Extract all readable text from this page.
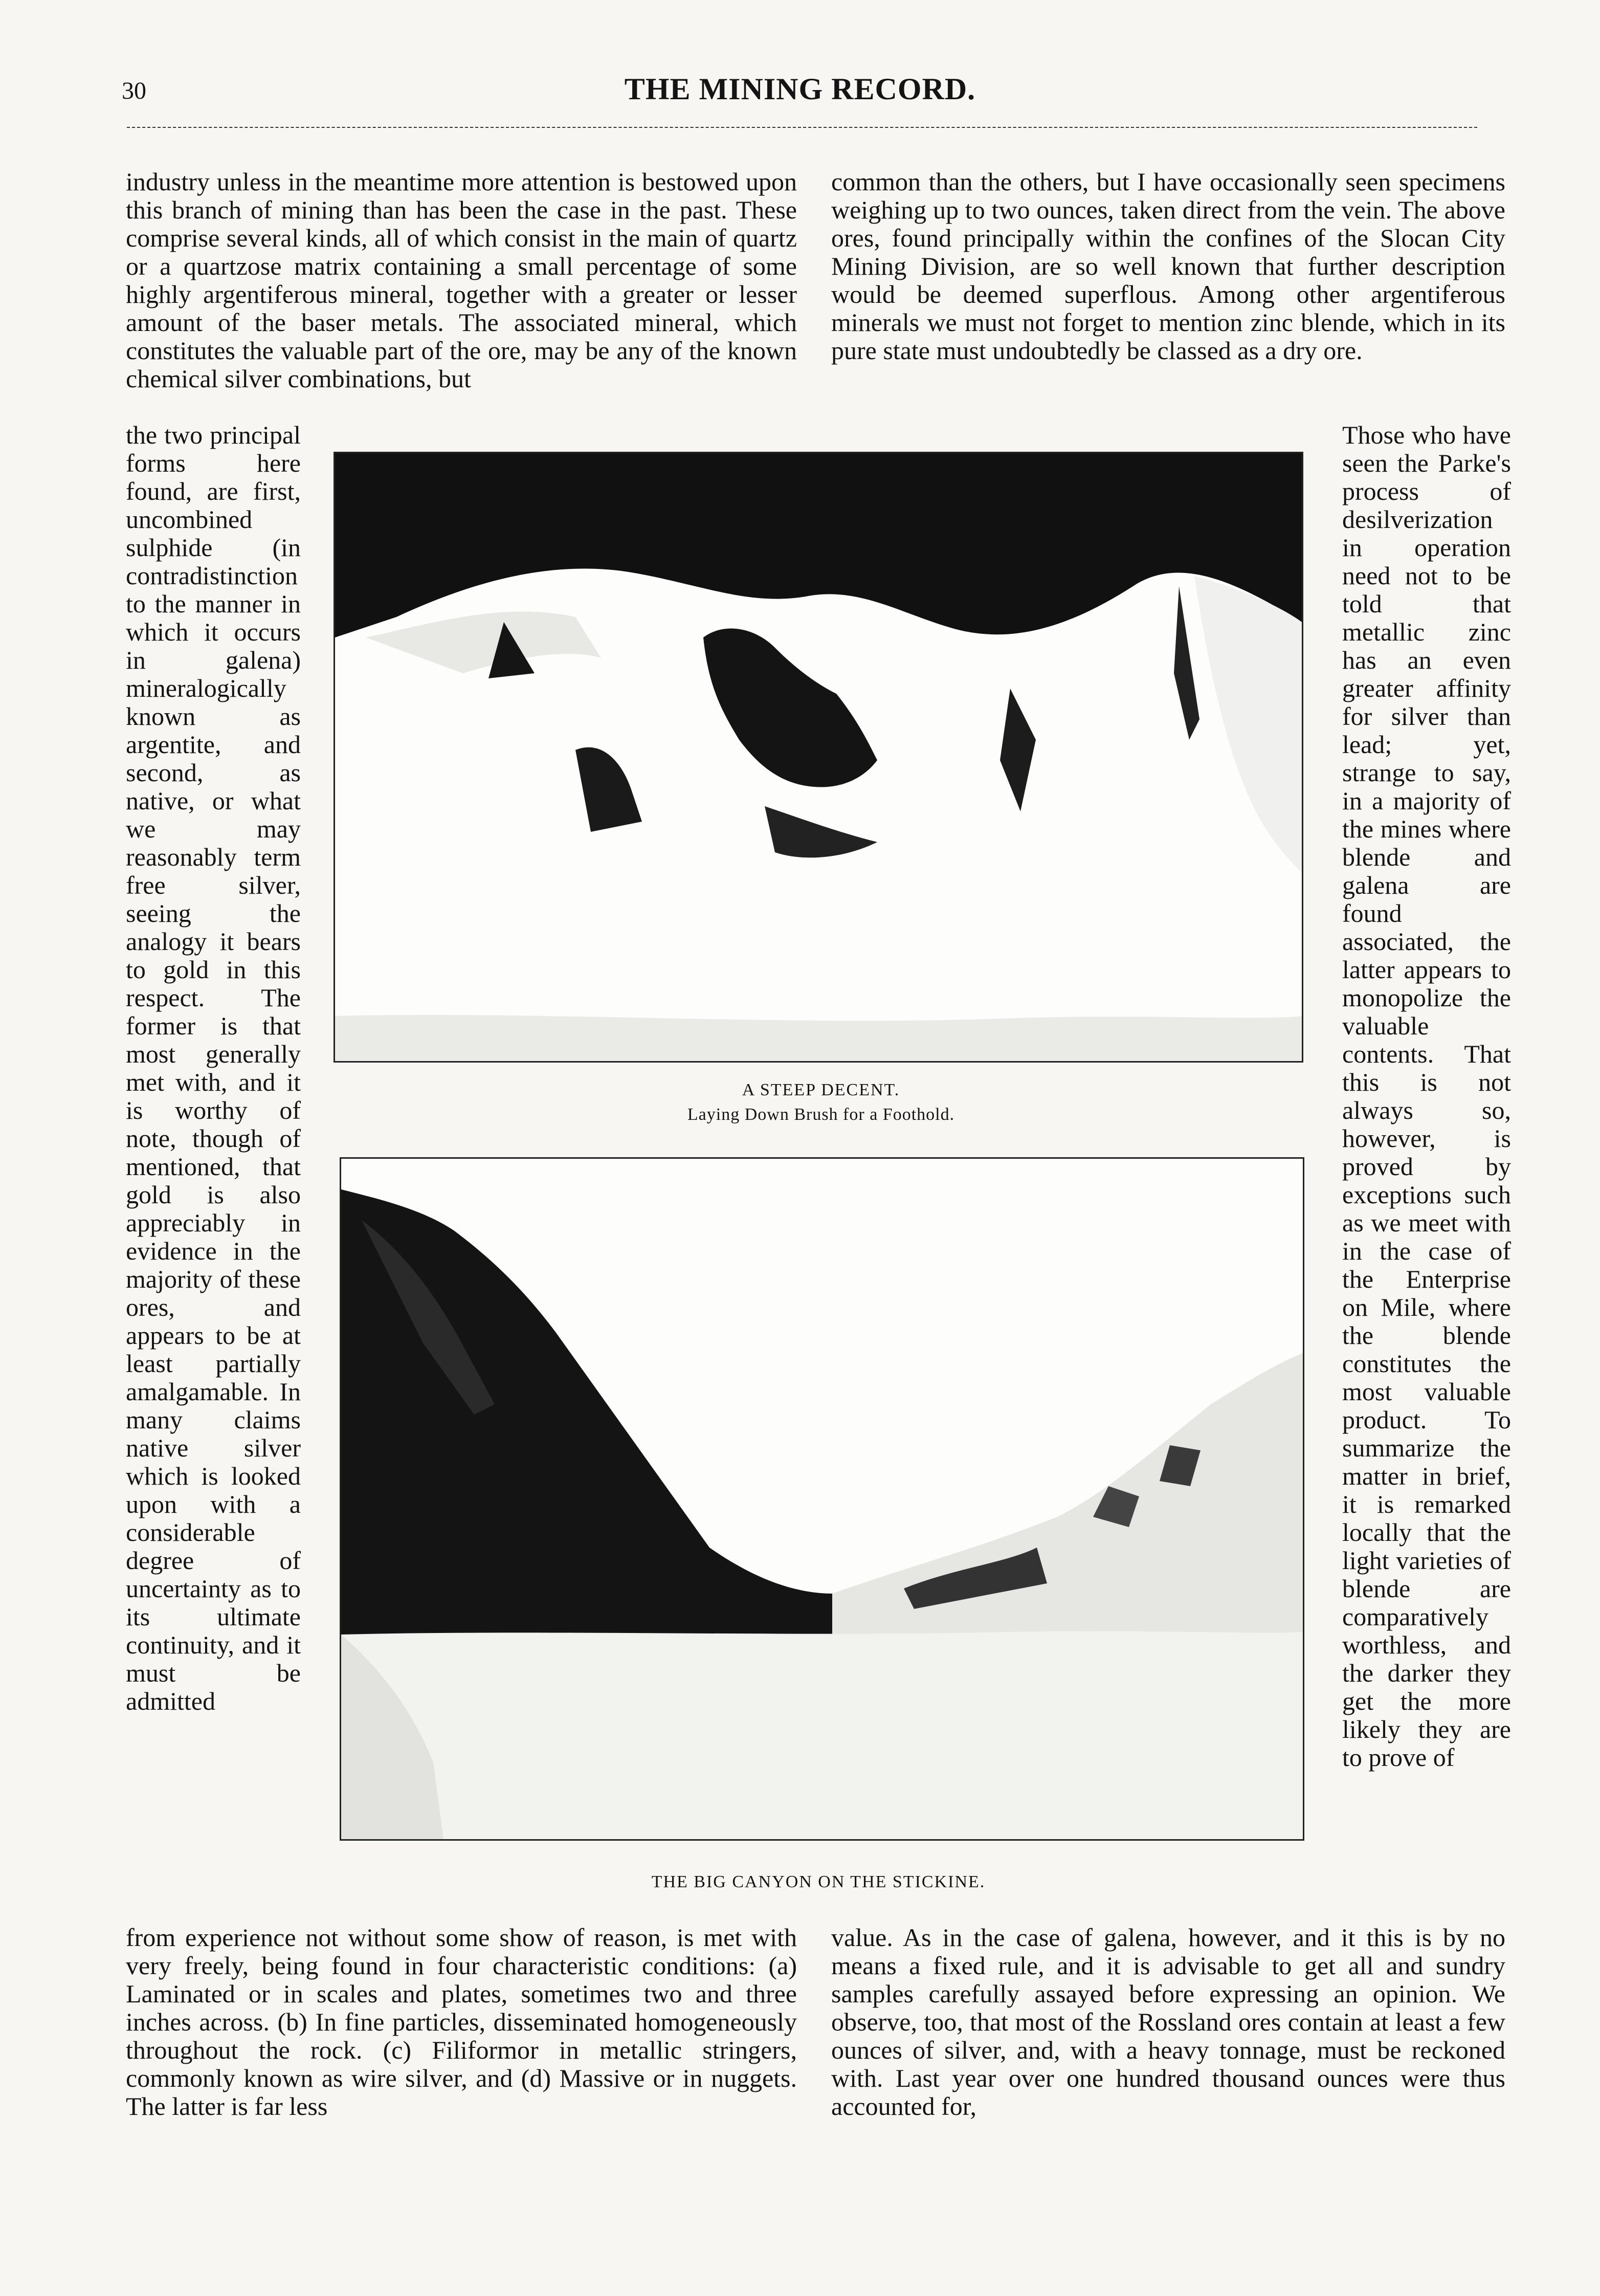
30	THE MINING RECORD.
industry unless in the meantime more attention is bestowed upon this branch of mining than has been the case in the past. These comprise several kinds, all of which consist in the main of quartz or a quartzose matrix containing a small percentage of some highly argentiferous mineral, together with a greater or lesser amount of the baser metals. The associated mineral, which constitutes the valuable part of the ore, may be any of the known chemical silver combinations, but
common than the others, but I have occasionally seen specimens weighing up to two ounces, taken direct from the vein. The above ores, found principally within the confines of the Slocan City Mining Division, are so well known that further description would be deemed superflous. Among other argentiferous minerals we must not forget to mention zinc blende, which in its pure state must undoubtedly be classed as a dry ore.
the two principal forms here found, are first, uncombined sulphide (in contradistinction to the manner in which it occurs in galena) mineralogically known as argentite, and second, as native, or what we may reasonably term free silver, seeing the analogy it bears to gold in this respect. The former is that most generally met with, and it is worthy of note, though of mentioned, that gold is also appreciably in evidence in the majority of these ores, and appears to be at least partially amalgamable. In many claims native silver which is looked upon with a considerable degree of uncertainty as to its ultimate continuity, and it must be admitted
Those who have seen the Parke's process of desilverization in operation need not to be told that metallic zinc has an even greater affinity for silver than lead; yet, strange to say, in a majority of the mines where blende and galena are found associated, the latter appears to monopolize the valuable contents. That this is not always so, however, is proved by exceptions such as we meet with in the case of the Enterprise on Mile, where the blende constitutes the most valuable product. To summarize the matter in brief, it is remarked locally that the light varieties of blende are comparatively worthless, and the darker they get the more likely they are to prove of
A STEEP DECENT.
Laying Down Brush for a Foothold.
THE BIG CANYON ON THE STICKINE.
from experience not without some show of reason, is met with very freely, being found in four characteristic conditions: (a) Laminated or in scales and plates, sometimes two and three inches across. (b) In fine particles, disseminated homogeneously throughout the rock. (c) Filiformor in metallic stringers, commonly known as wire silver, and (d) Massive or in nuggets. The latter is far less
value. As in the case of galena, however, and it this is by no means a fixed rule, and it is advisable to get all and sundry samples carefully assayed before expressing an opinion. We observe, too, that most of the Rossland ores contain at least a few ounces of silver, and, with a heavy tonnage, must be reckoned with. Last year over one hundred thousand ounces were thus accounted for,
